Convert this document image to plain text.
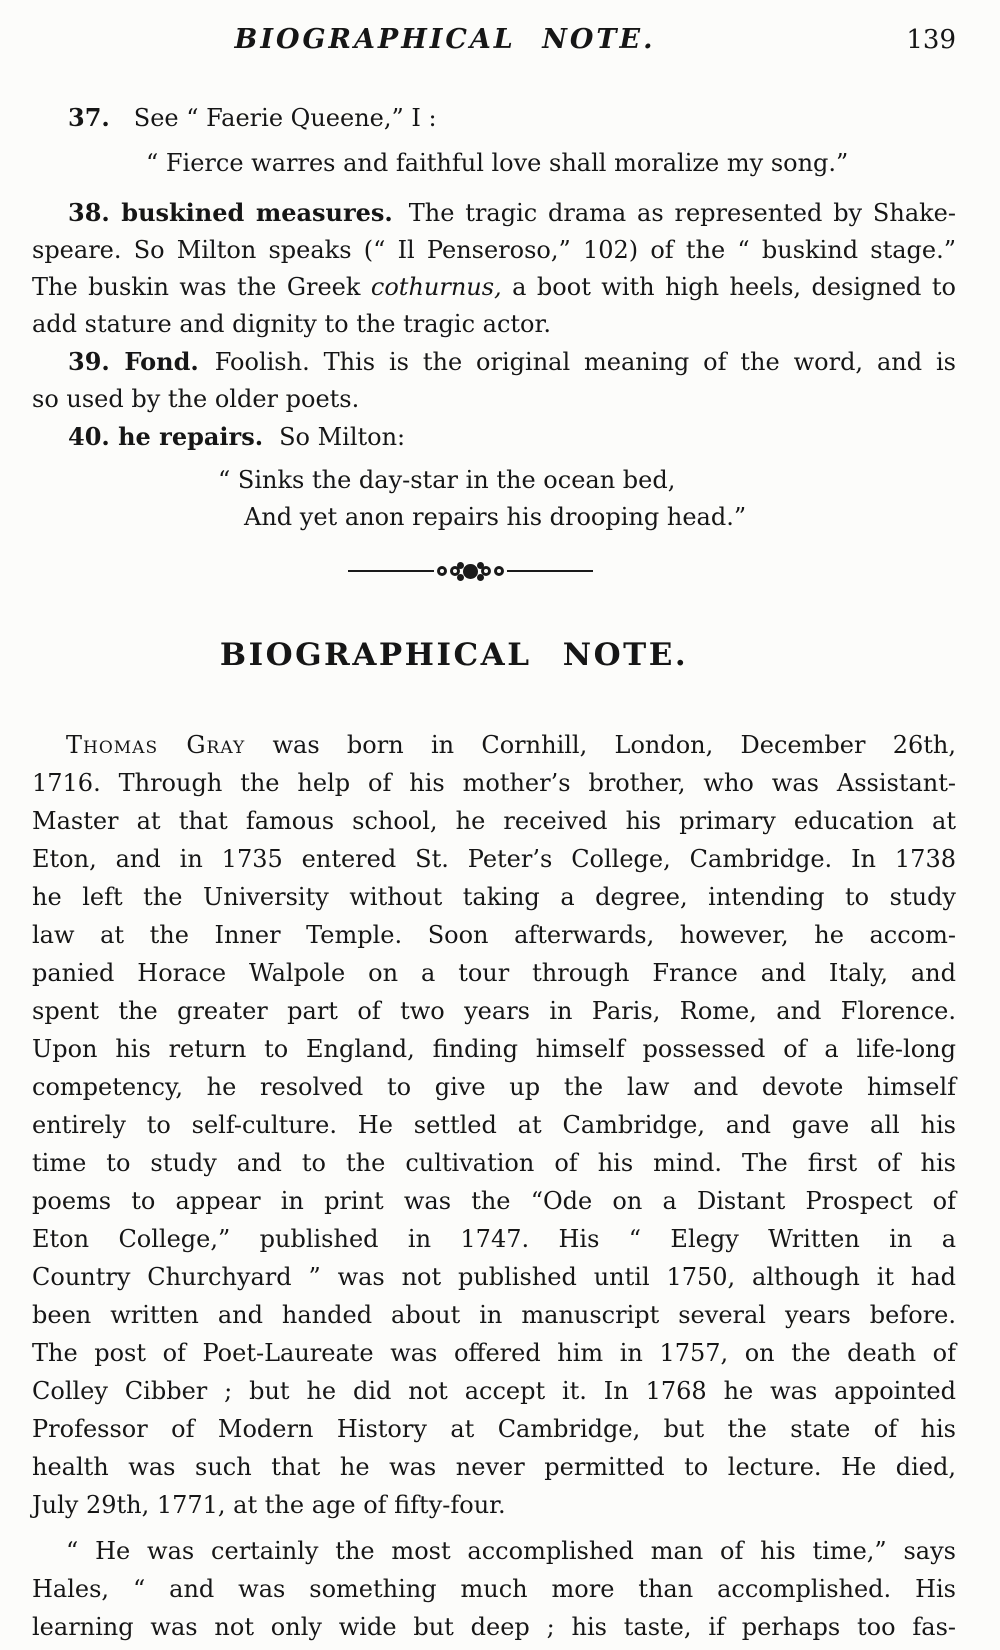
BIOGRAPHICAL NOTE.	139
37. See “ Faerie Queene,” I :
“ Fierce warres and faithful love shall moralize my song.”
38. buskined measures. The tragic drama as represented by Shake-
speare. So Milton speaks (“ Il Penseroso,” 102) of the “ buskind stage.”
The buskin was the Greek cothurnus, a boot with high heels, designed to
add stature and dignity to the tragic actor.
39. Fond. Foolish. This is the original meaning of the word, and is
so used by the older poets.
40. he repairs. So Milton:
“ Sinks the day-star in the ocean bed,
And yet anon repairs his drooping head.”
BIOGRAPHICAL NOTE.
Thomas Gray was born in Cornhill, London, December 26th,
1716. Through the help of his mother’s brother, who was Assistant-
Master at that famous school, he received his primary education at
Eton, and in 1735 entered St. Peter’s College, Cambridge. In 1738
he left the University without taking a degree, intending to study
law at the Inner Temple. Soon afterwards, however, he accom-
panied Horace Walpole on a tour through France and Italy, and
spent the greater part of two years in Paris, Rome, and Florence.
Upon his return to England, finding himself possessed of a life-long
competency, he resolved to give up the law and devote himself
entirely to self-culture. He settled at Cambridge, and gave all his
time to study and to the cultivation of his mind. The first of his
poems to appear in print was the “Ode on a Distant Prospect of
Eton College,” published in 1747. His “ Elegy Written in a
Country Churchyard ” was not published until 1750, although it had
been written and handed about in manuscript several years before.
The post of Poet-Laureate was offered him in 1757, on the death of
Colley Cibber ; but he did not accept it. In 1768 he was appointed
Professor of Modern History at Cambridge, but the state of his
health was such that he was never permitted to lecture. He died,
July 29th, 1771, at the age of fifty-four.
“ He was certainly the most accomplished man of his time,” says
Hales, “ and was something much more than accomplished. His
learning was not only wide but deep ; his taste, if perhaps too fas-
